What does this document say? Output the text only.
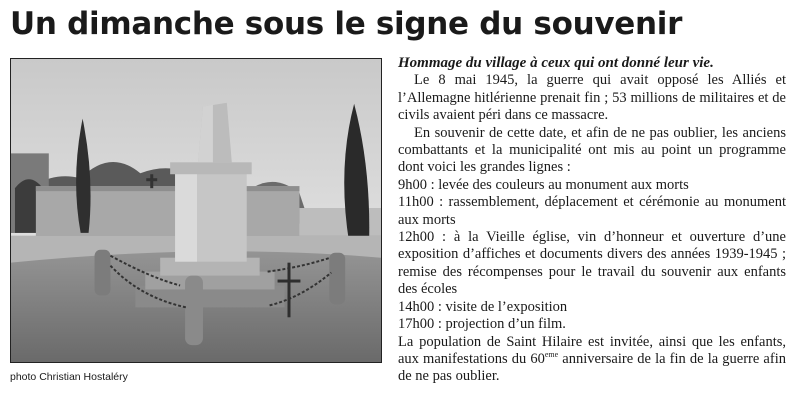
Un dimanche sous le signe du souvenir
photo Christian Hostaléry

Hommage du village à ceux qui ont donné leur vie.

Le 8 mai 1945, la guerre qui avait opposé les Alliés et l’Allemagne hitlérienne prenait fin ; 53 millions de militaires et de civils avaient péri dans ce massacre.

En souvenir de cette date, et afin de ne pas oublier, les anciens combattants et la municipalité ont mis au point un programme dont voici les grandes lignes :

9h00 : levée des couleurs au monument aux morts

11h00 : rassemblement, déplacement et cérémonie au monument aux morts

12h00 : à la Vieille église, vin d’honneur et ouverture d’une exposition d’affiches et documents divers des années 1939-1945 ; remise des récompenses pour le travail du souvenir aux enfants des écoles

14h00 : visite de l’exposition

17h00 : projection d’un film.

La population de Saint Hilaire est invitée, ainsi que les enfants, aux manifestations du 60eme anniversaire de la fin de la guerre afin de ne pas oublier.
